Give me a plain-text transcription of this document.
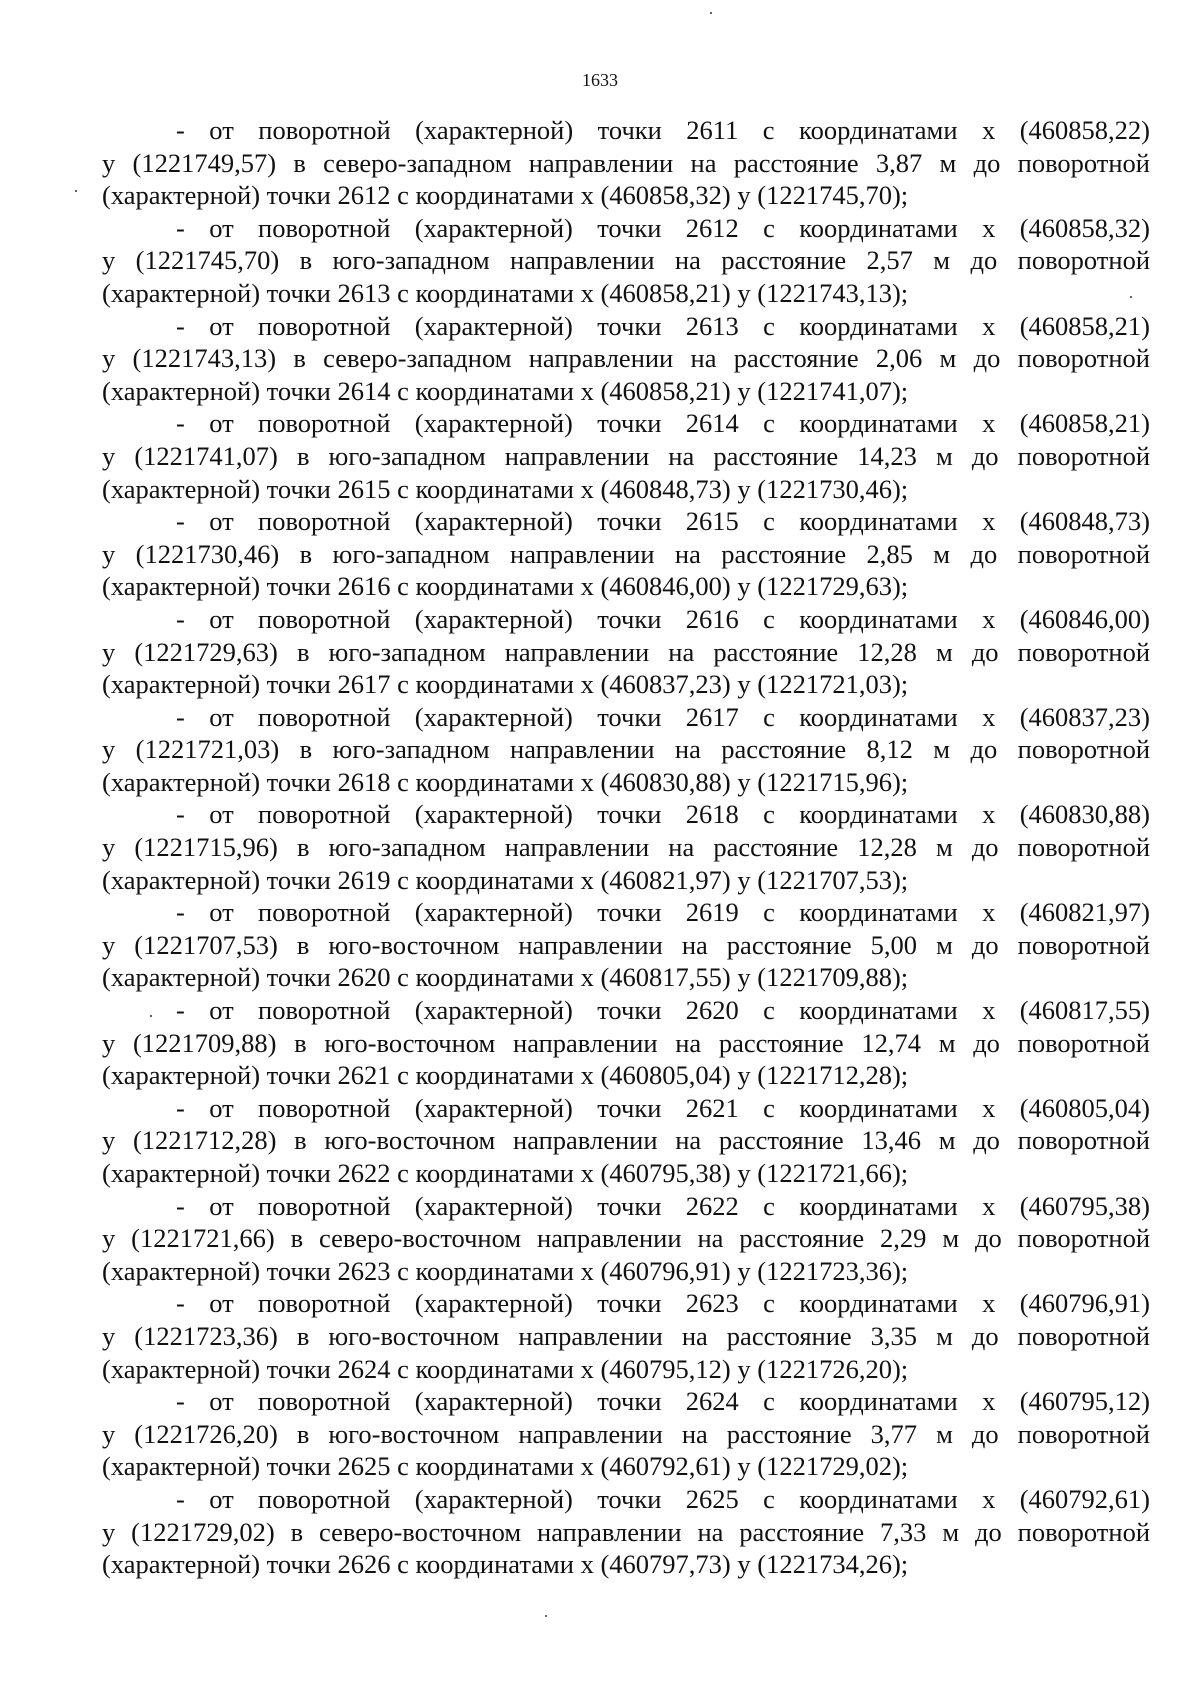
1633
- от поворотной (характерной) точки 2611 с координатами х (460858,22)
у (1221749,57) в северо-западном направлении на расстояние 3,87 м до поворотной
(характерной) точки 2612 с координатами х (460858,32) у (1221745,70);
- от поворотной (характерной) точки 2612 с координатами х (460858,32)
у (1221745,70) в юго-западном направлении на расстояние 2,57 м до поворотной
(характерной) точки 2613 с координатами х (460858,21) у (1221743,13);
- от поворотной (характерной) точки 2613 с координатами х (460858,21)
у (1221743,13) в северо-западном направлении на расстояние 2,06 м до поворотной
(характерной) точки 2614 с координатами х (460858,21) у (1221741,07);
- от поворотной (характерной) точки 2614 с координатами х (460858,21)
у (1221741,07) в юго-западном направлении на расстояние 14,23 м до поворотной
(характерной) точки 2615 с координатами х (460848,73) у (1221730,46);
- от поворотной (характерной) точки 2615 с координатами х (460848,73)
у (1221730,46) в юго-западном направлении на расстояние 2,85 м до поворотной
(характерной) точки 2616 с координатами х (460846,00) у (1221729,63);
- от поворотной (характерной) точки 2616 с координатами х (460846,00)
у (1221729,63) в юго-западном направлении на расстояние 12,28 м до поворотной
(характерной) точки 2617 с координатами х (460837,23) у (1221721,03);
- от поворотной (характерной) точки 2617 с координатами х (460837,23)
у (1221721,03) в юго-западном направлении на расстояние 8,12 м до поворотной
(характерной) точки 2618 с координатами х (460830,88) у (1221715,96);
- от поворотной (характерной) точки 2618 с координатами х (460830,88)
у (1221715,96) в юго-западном направлении на расстояние 12,28 м до поворотной
(характерной) точки 2619 с координатами х (460821,97) у (1221707,53);
- от поворотной (характерной) точки 2619 с координатами х (460821,97)
у (1221707,53) в юго-восточном направлении на расстояние 5,00 м до поворотной
(характерной) точки 2620 с координатами х (460817,55) у (1221709,88);
- от поворотной (характерной) точки 2620 с координатами х (460817,55)
у (1221709,88) в юго-восточном направлении на расстояние 12,74 м до поворотной
(характерной) точки 2621 с координатами х (460805,04) у (1221712,28);
- от поворотной (характерной) точки 2621 с координатами х (460805,04)
у (1221712,28) в юго-восточном направлении на расстояние 13,46 м до поворотной
(характерной) точки 2622 с координатами х (460795,38) у (1221721,66);
- от поворотной (характерной) точки 2622 с координатами х (460795,38)
у (1221721,66) в северо-восточном направлении на расстояние 2,29 м до поворотной
(характерной) точки 2623 с координатами х (460796,91) у (1221723,36);
- от поворотной (характерной) точки 2623 с координатами х (460796,91)
у (1221723,36) в юго-восточном направлении на расстояние 3,35 м до поворотной
(характерной) точки 2624 с координатами х (460795,12) у (1221726,20);
- от поворотной (характерной) точки 2624 с координатами х (460795,12)
у (1221726,20) в юго-восточном направлении на расстояние 3,77 м до поворотной
(характерной) точки 2625 с координатами х (460792,61) у (1221729,02);
- от поворотной (характерной) точки 2625 с координатами х (460792,61)
у (1221729,02) в северо-восточном направлении на расстояние 7,33 м до поворотной
(характерной) точки 2626 с координатами х (460797,73) у (1221734,26);
